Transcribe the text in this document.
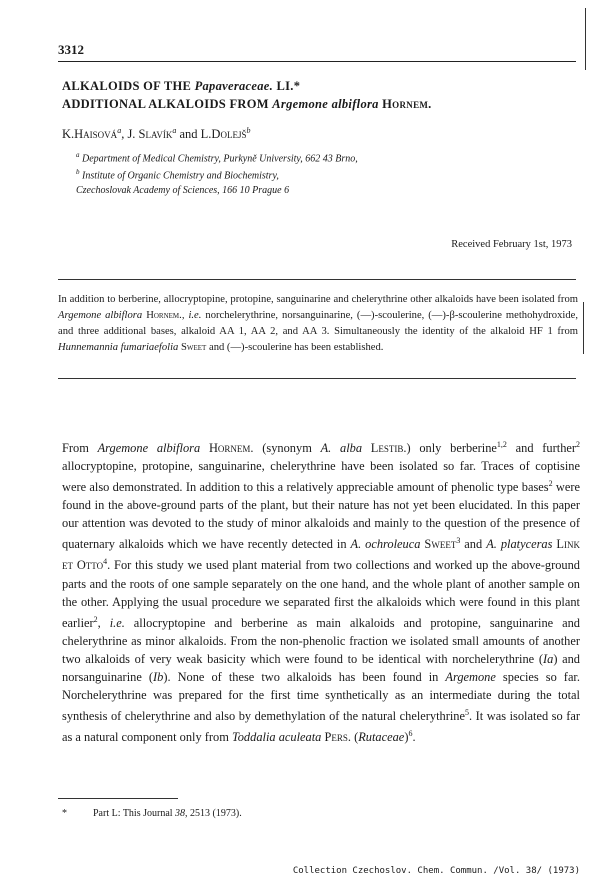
3312
ALKALOIDS OF THE Papaveraceae. LI.*
ADDITIONAL ALKALOIDS FROM Argemone albiflora Hornem.
K.Haisová$^a$, J. Slavík$^a$ and L.Dolejš$^b$
$^a$ Department of Medical Chemistry, Purkyně University, 662 43 Brno,
$^b$ Institute of Organic Chemistry and Biochemistry,
Czechoslovak Academy of Sciences, 166 10 Prague 6
Received February 1st, 1973
In addition to berberine, allocryptopine, protopine, sanguinarine and chelerythrine other alkaloids have been isolated from Argemone albiflora Hornem., i.e. norchelerythrine, norsanguinarine, (—)-scoulerine, (—)-β-scoulerine methohydroxide, and three additional bases, alkaloid AA 1, AA 2, and AA 3. Simultaneously the identity of the alkaloid HF 1 from Hunnemannia fumariaefolia Sweet and (—)-scoulerine has been established.
From Argemone albiflora Hornem. (synonym A. alba Lestib.) only berberine$^{1,2}$ and further$^2$ allocryptopine, protopine, sanguinarine, chelerythrine have been isolated so far. Traces of coptisine were also demonstrated. In addition to this a relatively appreciable amount of phenolic type bases$^2$ were found in the above-ground parts of the plant, but their nature has not yet been elucidated. In this paper our attention was devoted to the study of minor alkaloids and mainly to the question of the presence of quaternary alkaloids which we have recently detected in A. ochroleuca Sweet$^3$ and A. platyceras Link et Otto$^4$. For this study we used plant material from two collections and worked up the above-ground parts and the roots of one sample separately on the one hand, and the whole plant of another sample on the other. Applying the usual procedure we separated first the alkaloids which were found in this plant earlier$^2$, i.e. allocryptopine and berberine as main alkaloids and protopine, sanguinarine and chelerythrine as minor alkaloids. From the non-phenolic fraction we isolated small amounts of another two alkaloids of very weak basicity which were found to be identical with norchelerythrine (Ia) and norsanguinarine (Ib). None of these two alkaloids has been found in Argemone species so far. Norchelerythrine was prepared for the first time synthetically as an intermediate during the total synthesis of chelerythrine and also by demethylation of the natural chelerythrine$^5$. It was isolated so far as a natural component only from Toddalia aculeata Pers. (Rutaceae)$^6$.
*	Part L: This Journal 38, 2513 (1973).
Collection Czechoslov. Chem. Commun. /Vol. 38/ (1973)
